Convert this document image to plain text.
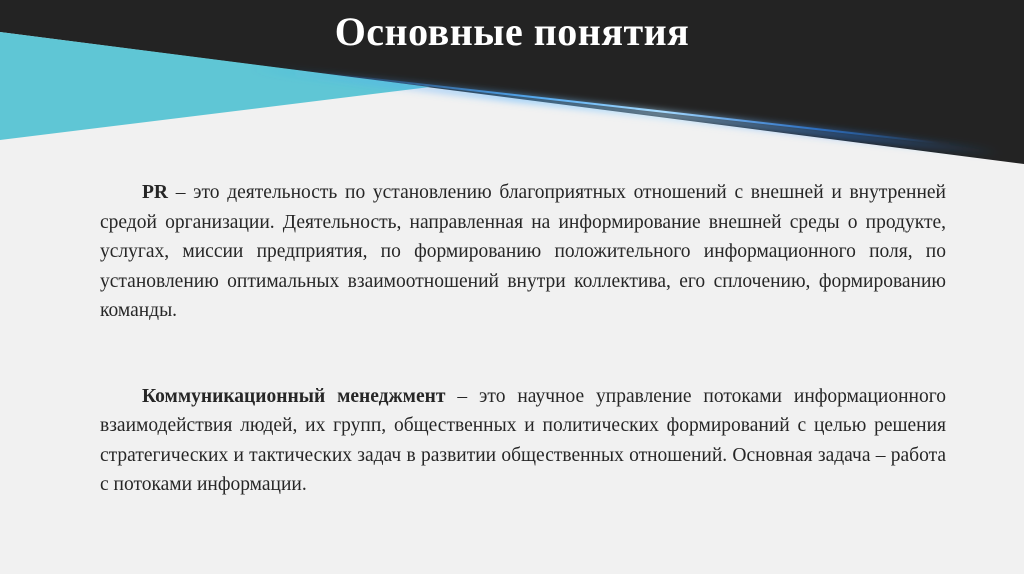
Основные понятия

PR – это деятельность по установлению благоприятных отношений с внешней и внутренней средой организации. Деятельность, направленная на информирование внешней среды о продукте, услугах, миссии предприятия, по формированию положительного информационного поля, по установлению оптимальных взаимоотношений внутри коллектива, его сплочению, формированию команды.

Коммуникационный менеджмент – это научное управление потоками информационного взаимодействия людей, их групп, общественных и политических формирований с целью решения стратегических и тактических задач в развитии общественных отношений. Основная задача – работа с потоками информации.
